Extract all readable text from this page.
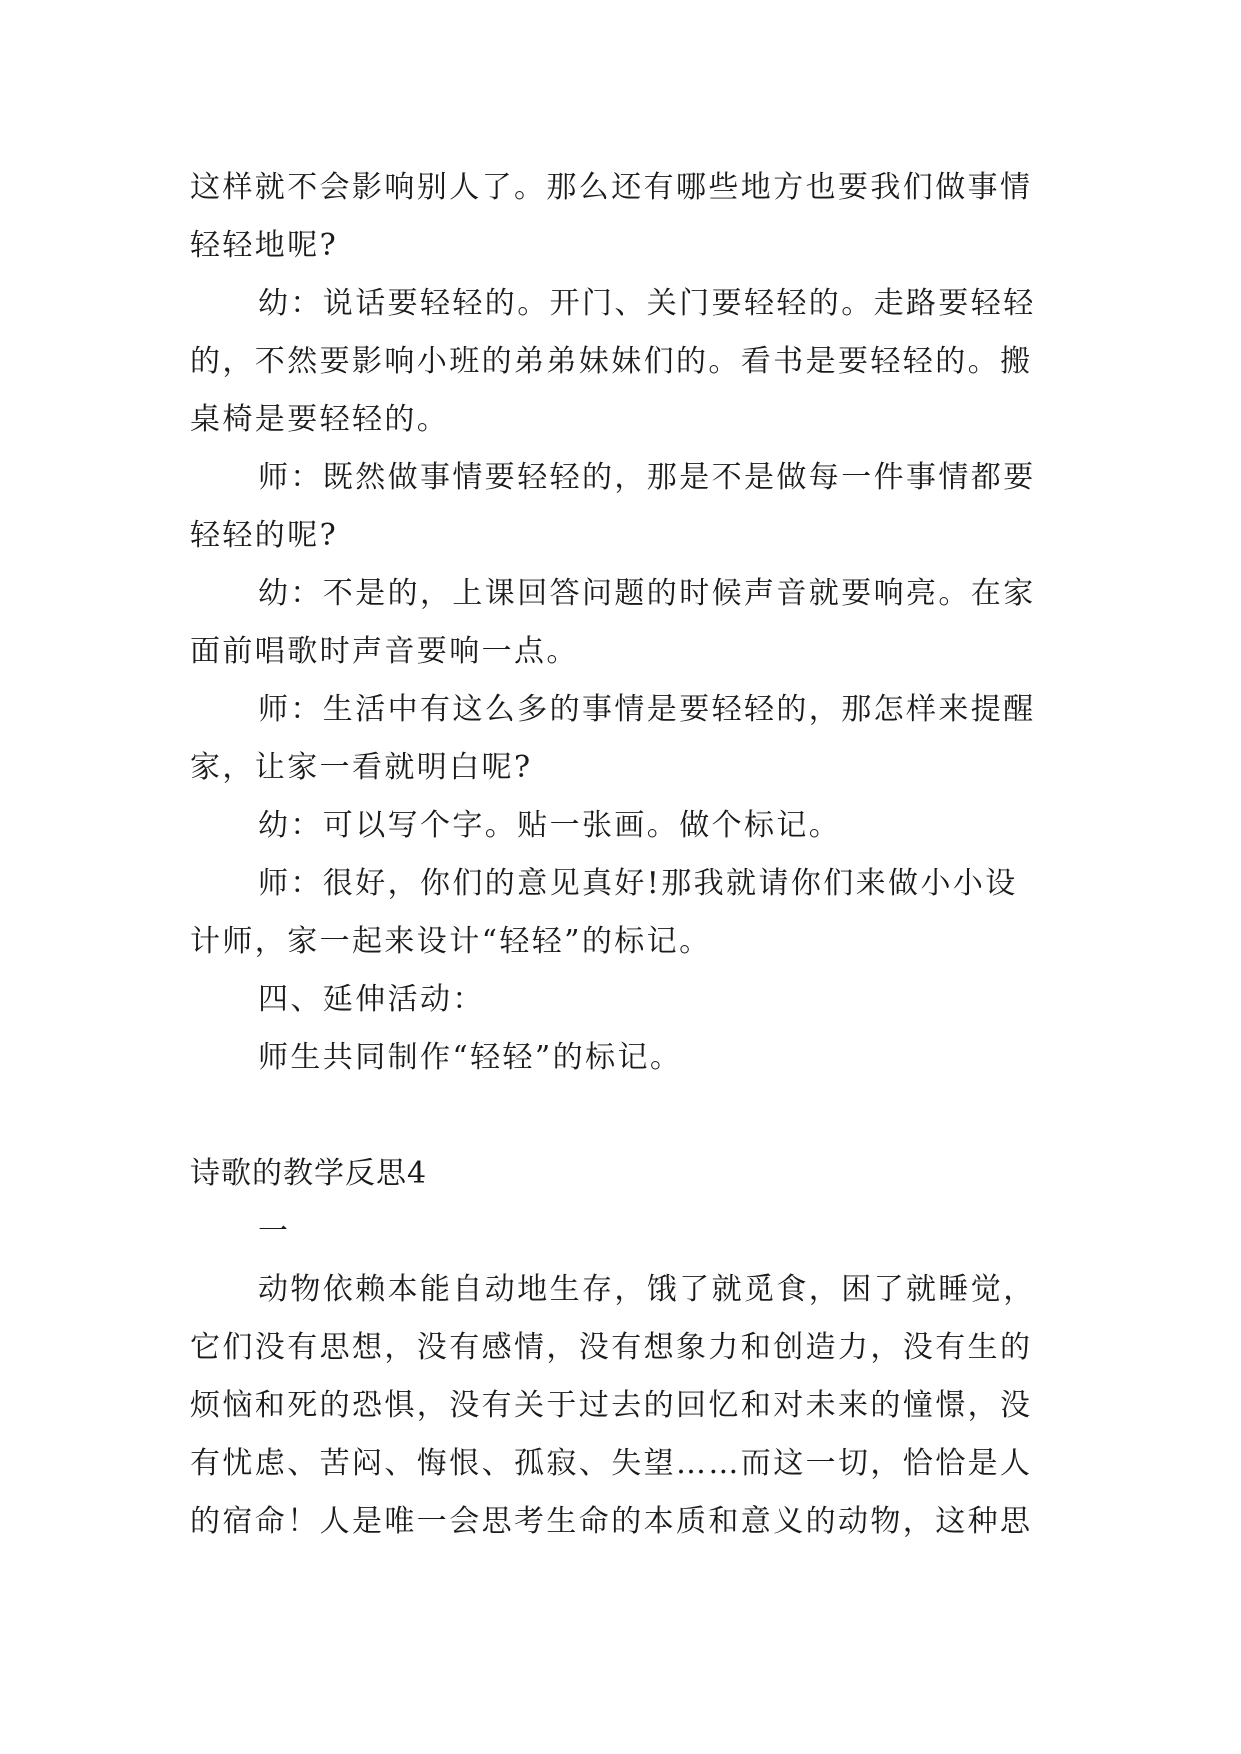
这样就不会影响别人了。那么还有哪些地方也要我们做事情
轻轻地呢?
幼：说话要轻轻的。开门、关门要轻轻的。走路要轻轻
的，不然要影响小班的弟弟妹妹们的。看书是要轻轻的。搬
桌椅是要轻轻的。
师：既然做事情要轻轻的，那是不是做每一件事情都要
轻轻的呢?
幼：不是的，上课回答问题的时候声音就要响亮。在家
面前唱歌时声音要响一点。
师：生活中有这么多的事情是要轻轻的，那怎样来提醒
家，让家一看就明白呢?
幼：可以写个字。贴一张画。做个标记。
师：很好，你们的意见真好!那我就请你们来做小小设
计师，家一起来设计“轻轻”的标记。
四、延伸活动：
师生共同制作“轻轻”的标记。
诗歌的教学反思4
一
动物依赖本能自动地生存，饿了就觅食，困了就睡觉，
它们没有思想，没有感情，没有想象力和创造力，没有生的
烦恼和死的恐惧，没有关于过去的回忆和对未来的憧憬，没
有忧虑、苦闷、悔恨、孤寂、失望……而这一切，恰恰是人
的宿命！人是唯一会思考生命的本质和意义的动物，这种思
